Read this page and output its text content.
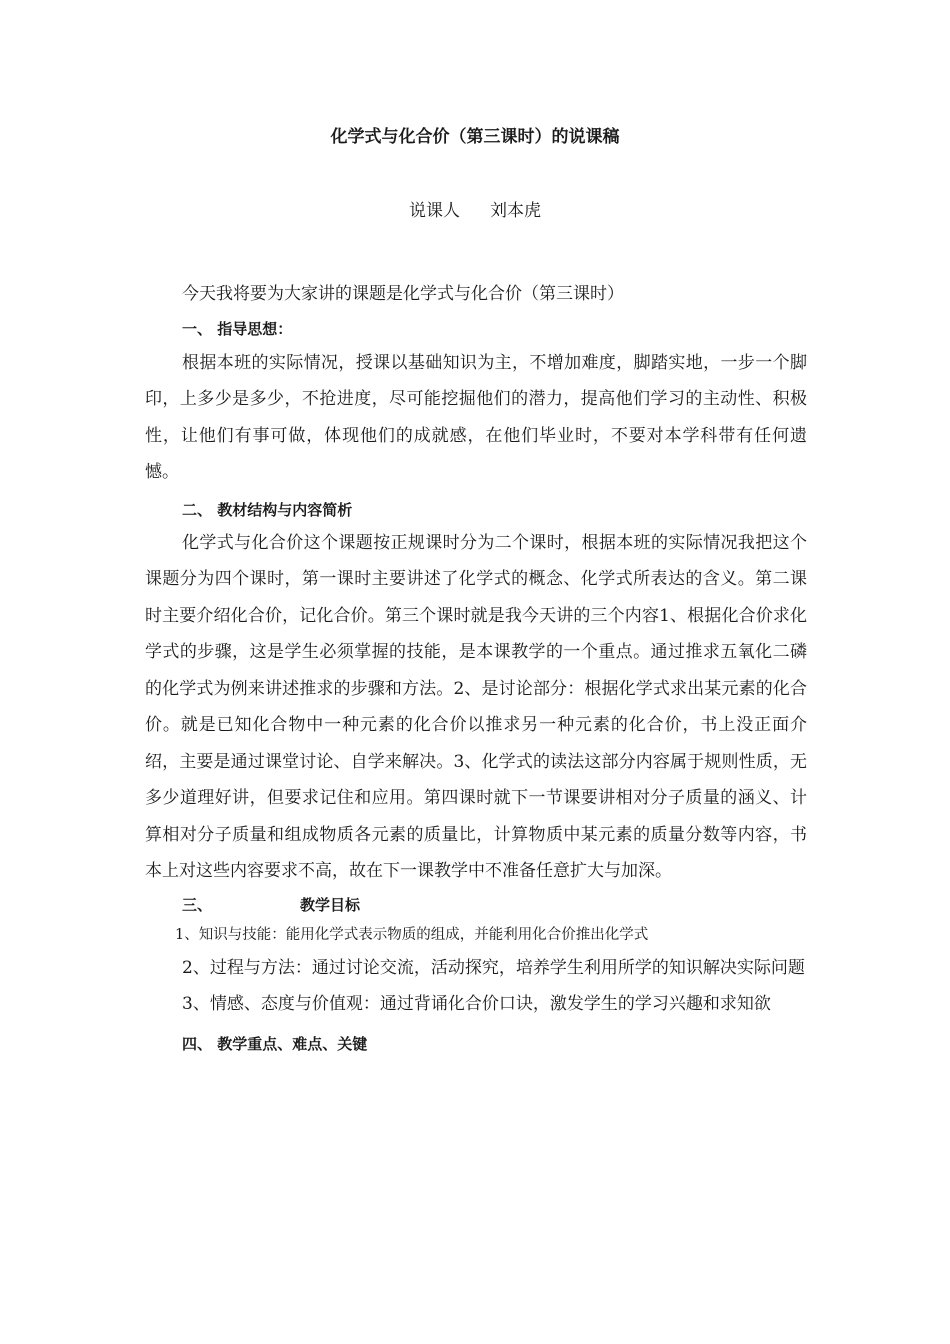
化学式与化合价（第三课时）的说课稿
说课人 刘本虎

今天我将要为大家讲的课题是化学式与化合价（第三课时）

一、 指导思想：

根据本班的实际情况，授课以基础知识为主，不增加难度，脚踏实地，一步一个脚印，上多少是多少，不抢进度，尽可能挖掘他们的潜力，提高他们学习的主动性、积极性，让他们有事可做，体现他们的成就感，在他们毕业时，不要对本学科带有任何遗憾。

二、 教材结构与内容简析

化学式与化合价这个课题按正规课时分为二个课时，根据本班的实际情况我把这个课题分为四个课时，第一课时主要讲述了化学式的概念、化学式所表达的含义。第二课时主要介绍化合价，记化合价。第三个课时就是我今天讲的三个内容1、根据化合价求化学式的步骤，这是学生必须掌握的技能，是本课教学的一个重点。通过推求五氧化二磷的化学式为例来讲述推求的步骤和方法。2、是讨论部分：根据化学式求出某元素的化合价。就是已知化合物中一种元素的化合价以推求另一种元素的化合价，书上没正面介绍，主要是通过课堂讨论、自学来解决。3、化学式的读法这部分内容属于规则性质，无多少道理好讲，但要求记住和应用。第四课时就下一节课要讲相对分子质量的涵义、计算相对分子质量和组成物质各元素的质量比，计算物质中某元素的质量分数等内容，书本上对这些内容要求不高，故在下一课教学中不准备任意扩大与加深。

三、	教学目标
1、知识与技能：能用化学式表示物质的组成，并能利用化合价推出化学式

2、过程与方法：通过讨论交流，活动探究，培养学生利用所学的知识解决实际问题

3、情感、态度与价值观：通过背诵化合价口诀，激发学生的学习兴趣和求知欲

四、 教学重点、难点、关键
